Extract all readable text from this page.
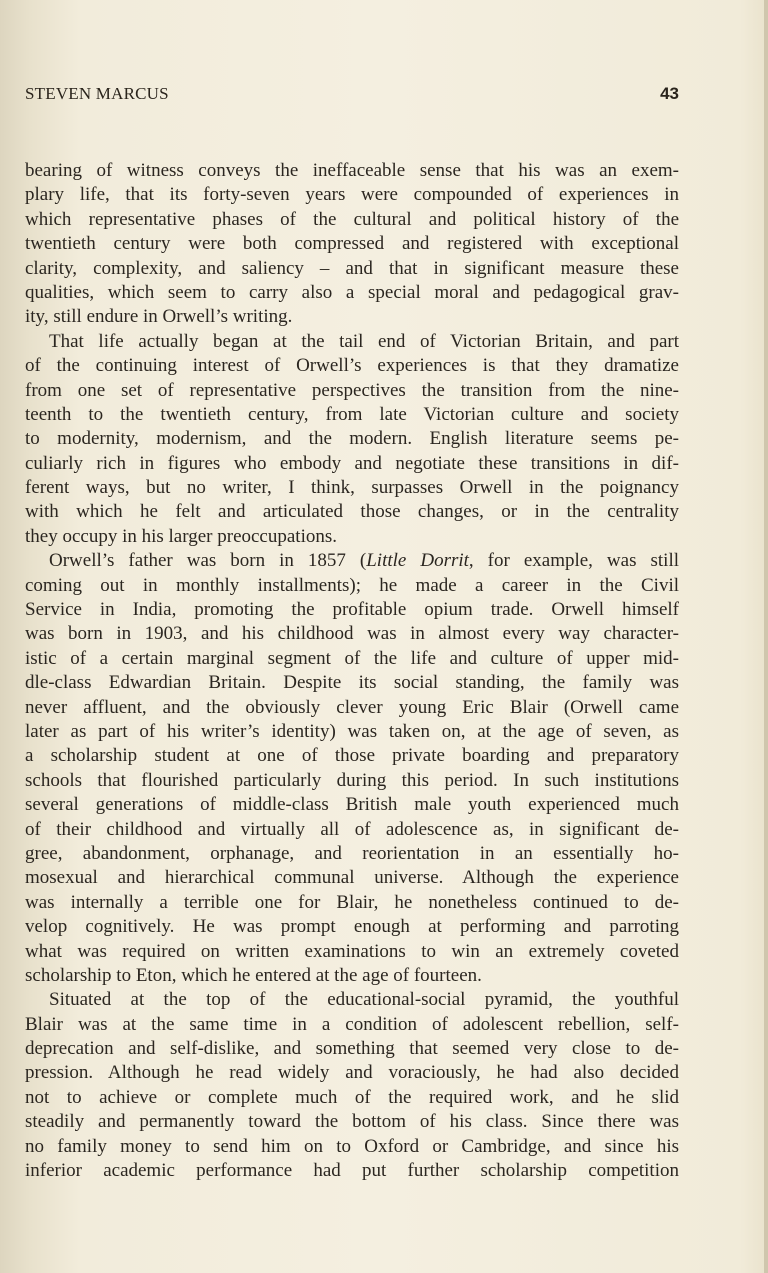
STEVEN MARCUS	43
bearing of witness conveys the ineffaceable sense that his was an exem-
plary life, that its forty-seven years were compounded of experiences in
which representative phases of the cultural and political history of the
twentieth century were both compressed and registered with exceptional
clarity, complexity, and saliency – and that in significant measure these
qualities, which seem to carry also a special moral and pedagogical grav-
ity, still endure in Orwell’s writing.
That life actually began at the tail end of Victorian Britain, and part
of the continuing interest of Orwell’s experiences is that they dramatize
from one set of representative perspectives the transition from the nine-
teenth to the twentieth century, from late Victorian culture and society
to modernity, modernism, and the modern. English literature seems pe-
culiarly rich in figures who embody and negotiate these transitions in dif-
ferent ways, but no writer, I think, surpasses Orwell in the poignancy
with which he felt and articulated those changes, or in the centrality
they occupy in his larger preoccupations.
Orwell’s father was born in 1857 (Little Dorrit, for example, was still
coming out in monthly installments); he made a career in the Civil
Service in India, promoting the profitable opium trade. Orwell himself
was born in 1903, and his childhood was in almost every way character-
istic of a certain marginal segment of the life and culture of upper mid-
dle-class Edwardian Britain. Despite its social standing, the family was
never affluent, and the obviously clever young Eric Blair (Orwell came
later as part of his writer’s identity) was taken on, at the age of seven, as
a scholarship student at one of those private boarding and preparatory
schools that flourished particularly during this period. In such institutions
several generations of middle-class British male youth experienced much
of their childhood and virtually all of adolescence as, in significant de-
gree, abandonment, orphanage, and reorientation in an essentially ho-
mosexual and hierarchical communal universe. Although the experience
was internally a terrible one for Blair, he nonetheless continued to de-
velop cognitively. He was prompt enough at performing and parroting
what was required on written examinations to win an extremely coveted
scholarship to Eton, which he entered at the age of fourteen.
Situated at the top of the educational-social pyramid, the youthful
Blair was at the same time in a condition of adolescent rebellion, self-
deprecation and self-dislike, and something that seemed very close to de-
pression. Although he read widely and voraciously, he had also decided
not to achieve or complete much of the required work, and he slid
steadily and permanently toward the bottom of his class. Since there was
no family money to send him on to Oxford or Cambridge, and since his
inferior academic performance had put further scholarship competition
